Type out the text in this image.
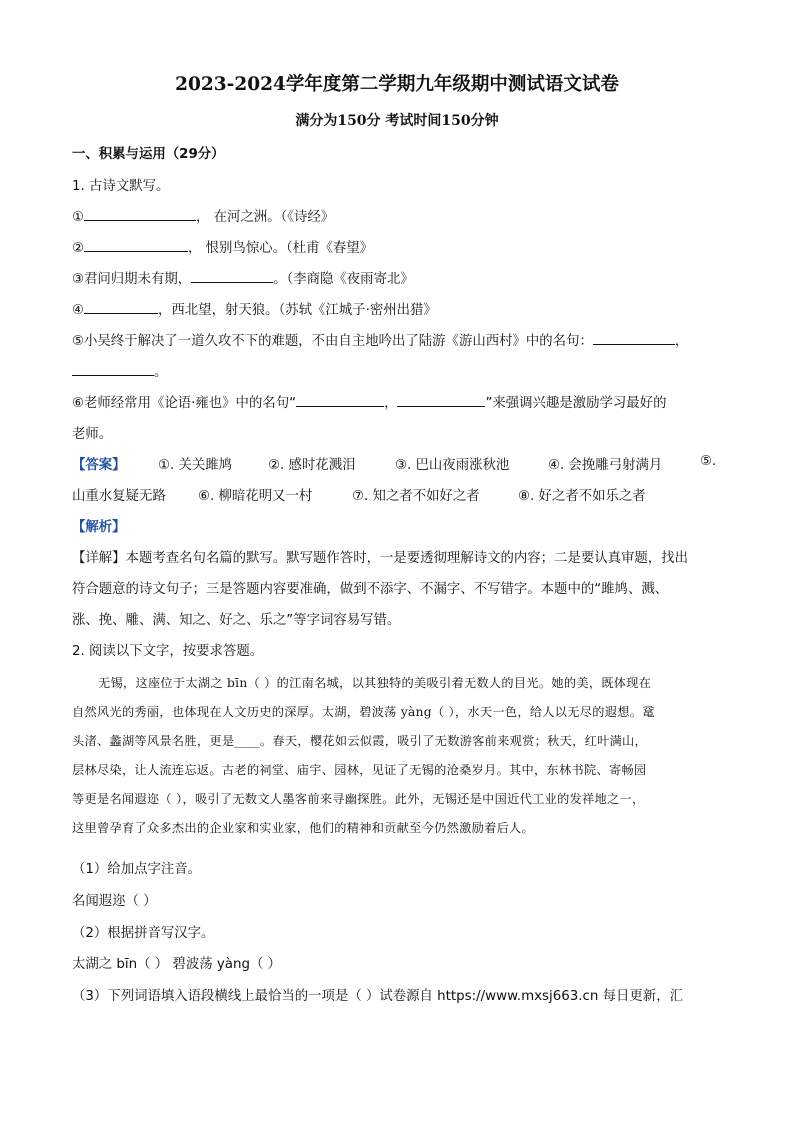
2023-2024学年度第二学期九年级期中测试语文试卷
满分为150分 考试时间150分钟
一、积累与运用（29分）
1. 古诗文默写。
①	， 在河之洲。（《诗经》
②	， 恨别鸟惊心。（杜甫《春望》
③君问归期未有期，	。（李商隐《夜雨寄北》
④	，西北望，射天狼。（苏轼《江城子·密州出猎》
⑤小吴终于解决了一道久攻不下的难题，不由自主地吟出了陆游《游山西村》中的名句：	，
。
⑥老师经常用《论语·雍也》中的名句“	，	”来强调兴趣是激励学习最好的
老师。
【答案】 ①. 关关雎鸠	②. 感时花溅泪	③. 巴山夜雨涨秋池	④. 会挽雕弓射满月	⑤.
山重水复疑无路 ⑥. 柳暗花明又一村	⑦. 知之者不如好之者	⑧. 好之者不如乐之者
【解析】
【详解】本题考查名句名篇的默写。默写题作答时，一是要透彻理解诗文的内容；二是要认真审题，找出
符合题意的诗文句子；三是答题内容要准确，做到不添字、不漏字、不写错字。本题中的“雎鸠、溅、
涨、挽、雕、满、知之、好之、乐之”等字词容易写错。
2. 阅读以下文字，按要求答题。
无锡，这座位于太湖之 bīn（ ）的江南名城，以其独特的美吸引着无数人的目光。她的美，既体现在
自然风光的秀丽，也体现在人文历史的深厚。太湖，碧波荡 yàng（ ），水天一色，给人以无尽的遐想。鼋
头渚、蠡湖等风景名胜，更是____。春天，樱花如云似霞，吸引了无数游客前来观赏；秋天，红叶满山，
层林尽染，让人流连忘返。古老的祠堂、庙宇、园林，见证了无锡的沧桑岁月。其中，东林书院、寄畅园
等更是名闻遐迩（ ），吸引了无数文人墨客前来寻幽探胜。此外，无锡还是中国近代工业的发祥地之一，
这里曾孕育了众多杰出的企业家和实业家，他们的精神和贡献至今仍然激励着后人。
（1）给加点字注音。
名闻遐迩（ ）
（2）根据拼音写汉字。
太湖之 bīn（ ） 碧波荡 yàng（ ）
（3）下列词语填入语段横线上最恰当的一项是（ ）试卷源自 https://www.mxsj663.cn 每日更新，汇
